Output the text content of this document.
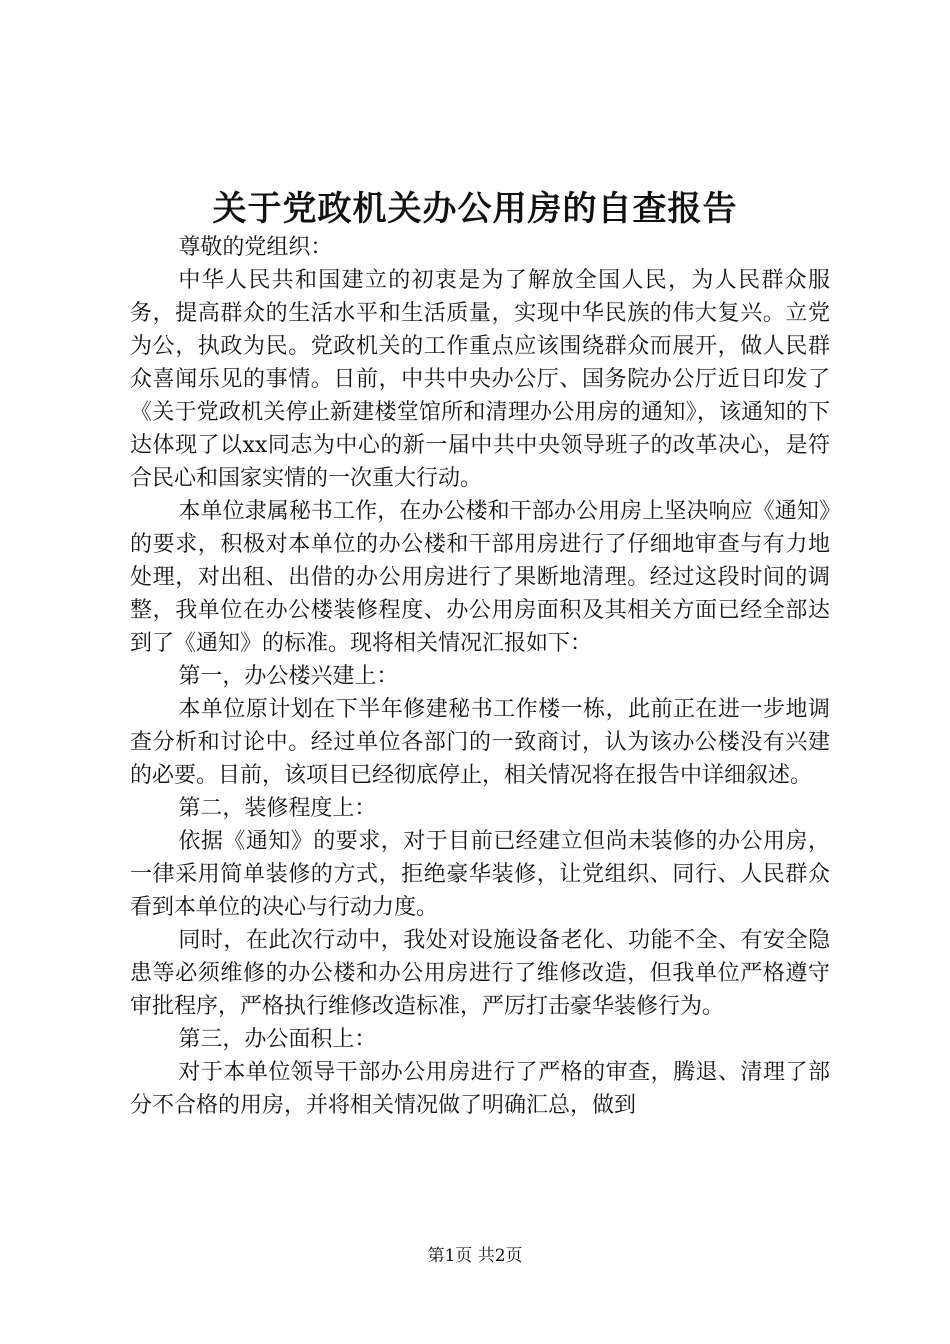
关于党政机关办公用房的自查报告

尊敬的党组织：

中华人民共和国建立的初衷是为了解放全国人民，为人民群众服务，提高群众的生活水平和生活质量，实现中华民族的伟大复兴。立党为公，执政为民。党政机关的工作重点应该围绕群众而展开，做人民群众喜闻乐见的事情。日前，中共中央办公厅、国务院办公厅近日印发了《关于党政机关停止新建楼堂馆所和清理办公用房的通知》，该通知的下达体现了以xx同志为中心的新一届中共中央领导班子的改革决心，是符合民心和国家实情的一次重大行动。

本单位隶属秘书工作，在办公楼和干部办公用房上坚决响应《通知》的要求，积极对本单位的办公楼和干部用房进行了仔细地审查与有力地处理，对出租、出借的办公用房进行了果断地清理。经过这段时间的调整，我单位在办公楼装修程度、办公用房面积及其相关方面已经全部达到了《通知》的标准。现将相关情况汇报如下：

第一，办公楼兴建上：

本单位原计划在下半年修建秘书工作楼一栋，此前正在进一步地调查分析和讨论中。经过单位各部门的一致商讨，认为该办公楼没有兴建的必要。目前，该项目已经彻底停止，相关情况将在报告中详细叙述。

第二，装修程度上：

依据《通知》的要求，对于目前已经建立但尚未装修的办公用房，一律采用简单装修的方式，拒绝豪华装修，让党组织、同行、人民群众看到本单位的决心与行动力度。

同时，在此次行动中，我处对设施设备老化、功能不全、有安全隐患等必须维修的办公楼和办公用房进行了维修改造，但我单位严格遵守审批程序，严格执行维修改造标准，严厉打击豪华装修行为。

第三，办公面积上：

对于本单位领导干部办公用房进行了严格的审查，腾退、清理了部分不合格的用房，并将相关情况做了明确汇总，做到

第1页 共2页
